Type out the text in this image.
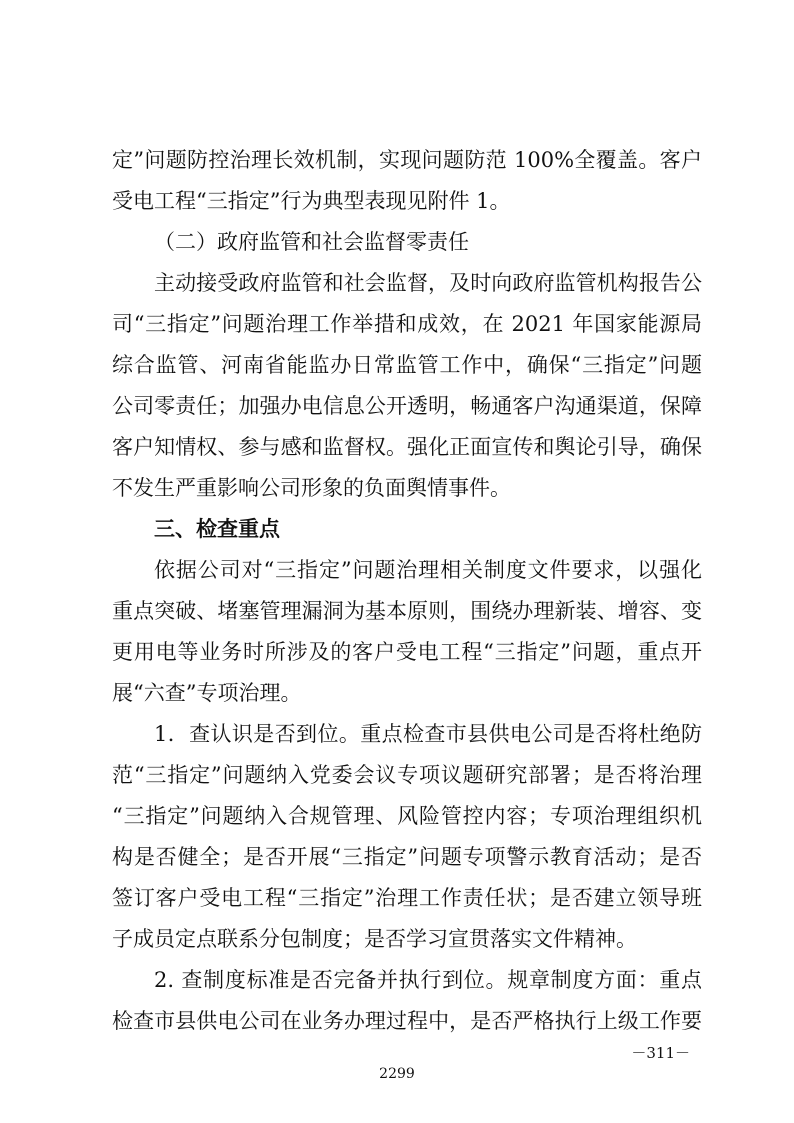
定”问题防控治理长效机制，实现问题防范 100%全覆盖。客户
受电工程“三指定”行为典型表现见附件 1。
（二）政府监管和社会监督零责任
主动接受政府监管和社会监督，及时向政府监管机构报告公
司“三指定”问题治理工作举措和成效，在 2021 年国家能源局
综合监管、河南省能监办日常监管工作中，确保“三指定”问题
公司零责任；加强办电信息公开透明，畅通客户沟通渠道，保障
客户知情权、参与感和监督权。强化正面宣传和舆论引导，确保
不发生严重影响公司形象的负面舆情事件。
三、检查重点
依据公司对“三指定”问题治理相关制度文件要求，以强化
重点突破、堵塞管理漏洞为基本原则，围绕办理新装、增容、变
更用电等业务时所涉及的客户受电工程“三指定”问题，重点开
展“六查”专项治理。
1．查认识是否到位。重点检查市县供电公司是否将杜绝防
范“三指定”问题纳入党委会议专项议题研究部署；是否将治理
“三指定”问题纳入合规管理、风险管控内容；专项治理组织机
构是否健全；是否开展“三指定”问题专项警示教育活动；是否
签订客户受电工程“三指定”治理工作责任状；是否建立领导班
子成员定点联系分包制度；是否学习宣贯落实文件精神。
2. 查制度标准是否完备并执行到位。规章制度方面：重点
检查市县供电公司在业务办理过程中，是否严格执行上级工作要
－311－
2299
